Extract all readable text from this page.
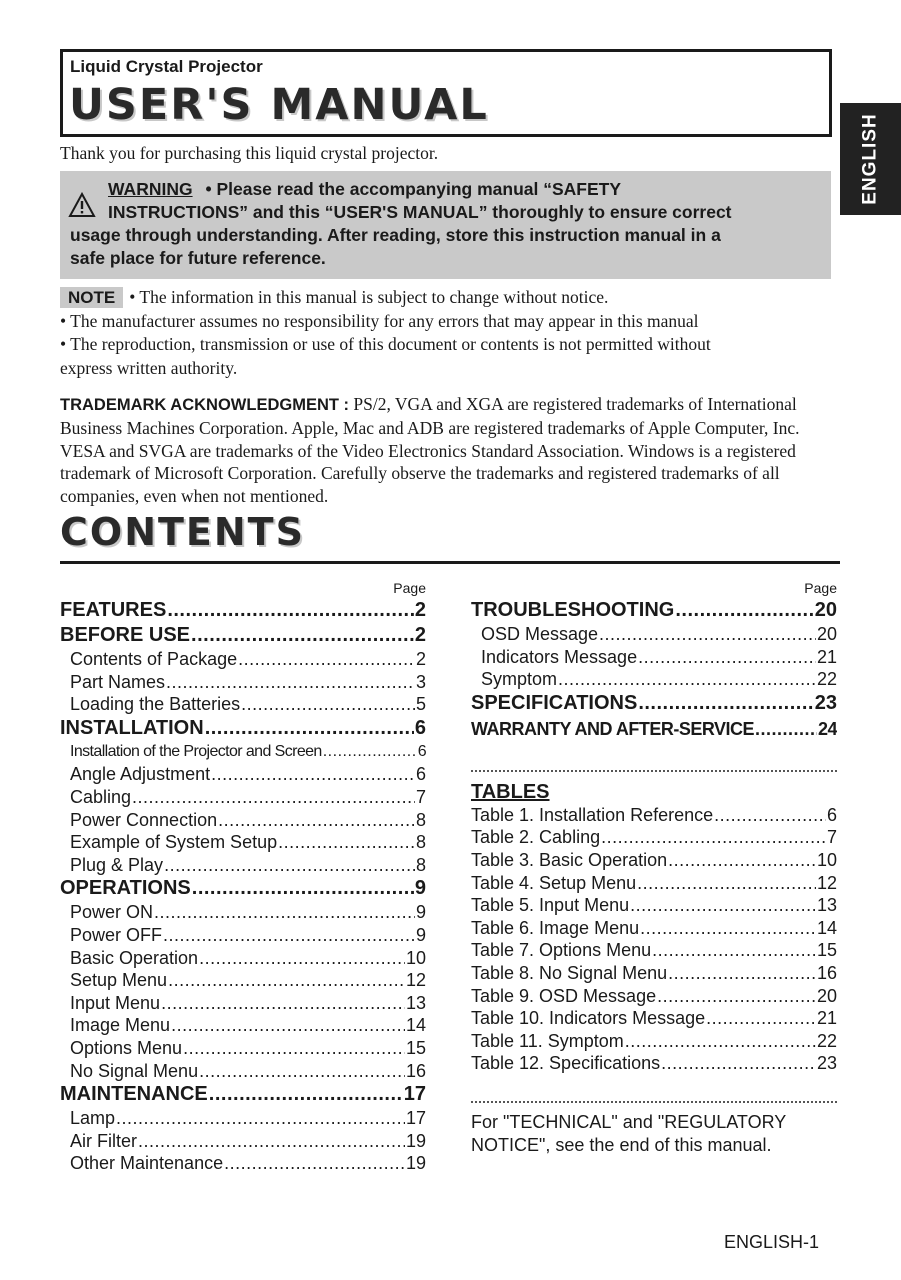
Liquid Crystal Projector
USER'S MANUAL
ENGLISH
Thank you for purchasing this liquid crystal projector.
WARNING • Please read the accompanying manual “SAFETY
INSTRUCTIONS” and this “USER'S MANUAL” thoroughly to ensure correct
usage through understanding. After reading, store this instruction manual in a
safe place for future reference.
NOTE • The information in this manual is subject to change without notice.
• The manufacturer assumes no responsibility for any errors that may appear in this manual
• The reproduction, transmission or use of this document or contents is not permitted without
express written authority.
TRADEMARK ACKNOWLEDGMENT : PS/2, VGA and XGA are registered trademarks of International Business Machines Corporation. Apple, Mac and ADB are registered trademarks of Apple Computer, Inc. VESA and SVGA are trademarks of the Video Electronics Standard Association. Windows is a registered trademark of Microsoft Corporation. Carefully observe the trademarks and registered trademarks of all companies, even when not mentioned.
CONTENTS
Page
FEATURES .....	2
BEFORE USE .....	2
Contents of Package .....	2
Part Names .....	3
Loading the Batteries .....	5
INSTALLATION .....	6
Installation of the Projector and Screen .....	6
Angle Adjustment .....	6
Cabling .....	7
Power Connection .....	8
Example of System Setup .....	8
Plug & Play .....	8
OPERATIONS .....	9
Power ON .....	9
Power OFF .....	9
Basic Operation .....	10
Setup Menu .....	12
Input Menu .....	13
Image Menu .....	14
Options Menu .....	15
No Signal Menu .....	16
MAINTENANCE .....	17
Lamp .....	17
Air Filter .....	19
Other Maintenance .....	19
Page
TROUBLESHOOTING .....	20
OSD Message .....	20
Indicators Message .....	21
Symptom .....	22
SPECIFICATIONS .....	23
WARRANTY AND AFTER-SERVICE .....	24
TABLES
Table 1. Installation Reference .....	6
Table 2. Cabling .....	7
Table 3. Basic Operation .....	10
Table 4. Setup Menu .....	12
Table 5. Input Menu .....	13
Table 6. Image Menu .....	14
Table 7. Options Menu .....	15
Table 8. No Signal Menu .....	16
Table 9. OSD Message .....	20
Table 10. Indicators Message .....	21
Table 11. Symptom .....	22
Table 12. Specifications .....	23
For "TECHNICAL" and "REGULATORY
NOTICE", see the end of this manual.
ENGLISH-1
